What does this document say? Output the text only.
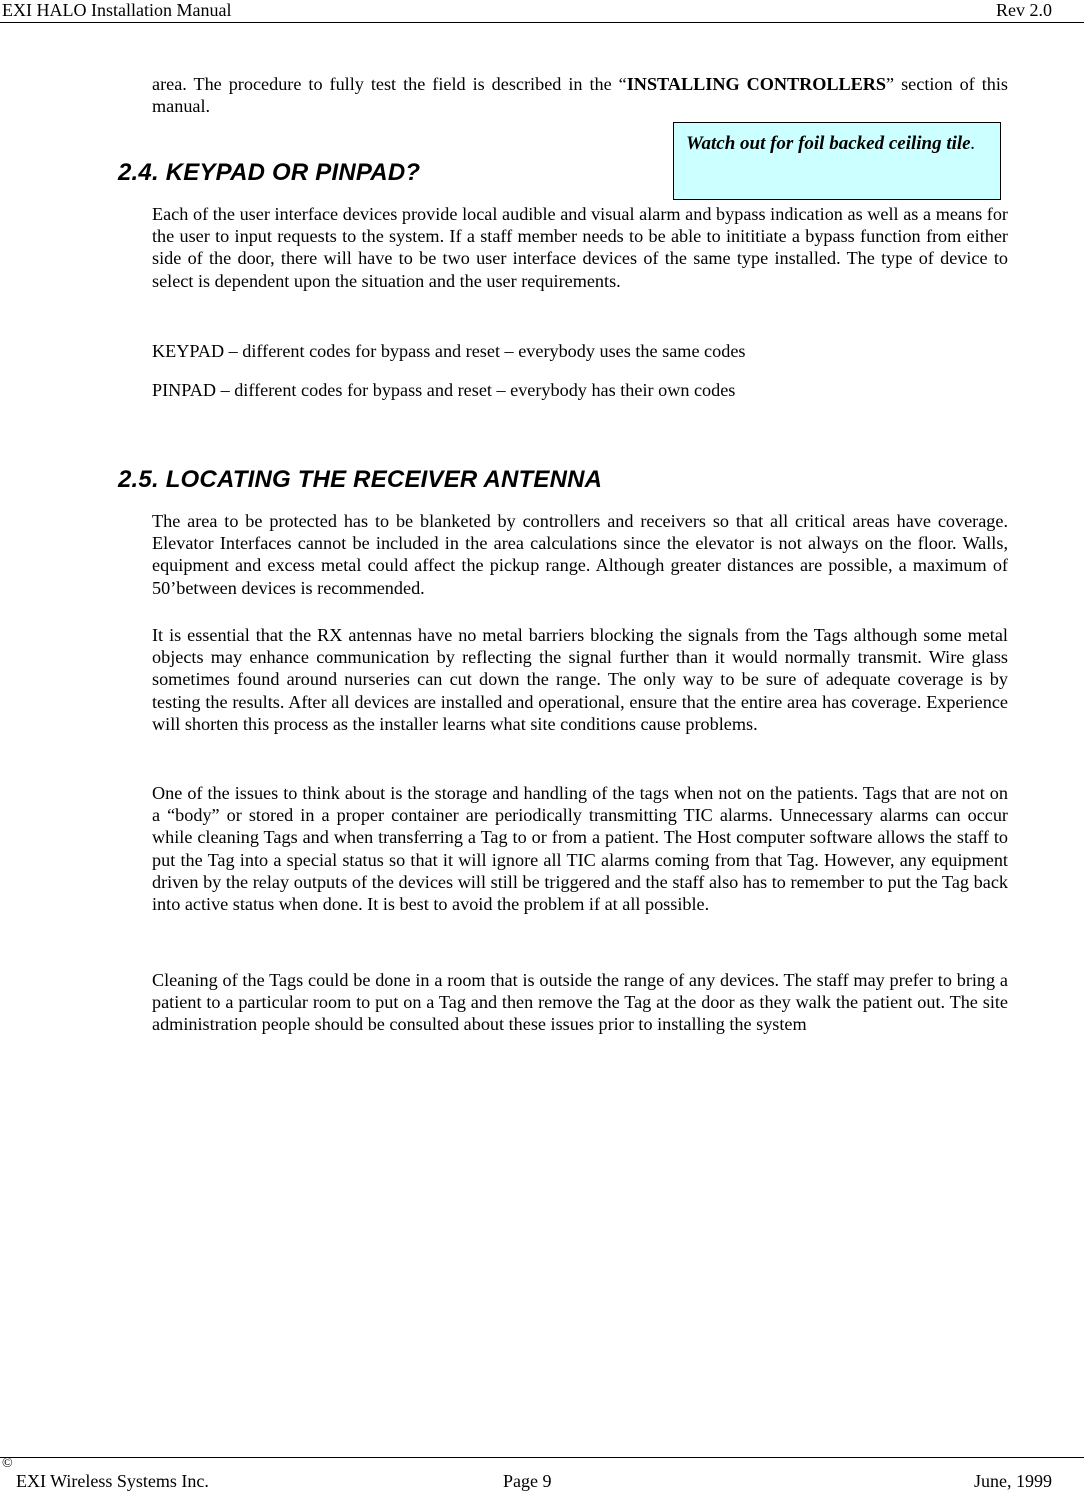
EXI HALO Installation Manual	Rev 2.0

area. The procedure to fully test the field is described in the “INSTALLING CONTROLLERS” section of this manual.

Watch out for foil backed ceiling tile.
2.4. KEYPAD OR PINPAD?

Each of the user interface devices provide local audible and visual alarm and bypass indication as well as a means for the user to input requests to the system. If a staff member needs to be able to inititiate a bypass function from either side of the door, there will have to be two user interface devices of the same type installed. The type of device to select is dependent upon the situation and the user requirements.

KEYPAD – different codes for bypass and reset – everybody uses the same codes

PINPAD – different codes for bypass and reset – everybody has their own codes

2.5. LOCATING THE RECEIVER ANTENNA

The area to be protected has to be blanketed by controllers and receivers so that all critical areas have coverage. Elevator Interfaces cannot be included in the area calculations since the elevator is not always on the floor. Walls, equipment and excess metal could affect the pickup range. Although greater distances are possible, a maximum of 50’between devices is recommended.

It is essential that the RX antennas have no metal barriers blocking the signals from the Tags although some metal objects may enhance communication by reflecting the signal further than it would normally transmit. Wire glass sometimes found around nurseries can cut down the range. The only way to be sure of adequate coverage is by testing the results. After all devices are installed and operational, ensure that the entire area has coverage. Experience will shorten this process as the installer learns what site conditions cause problems.

One of the issues to think about is the storage and handling of the tags when not on the patients. Tags that are not on a “body” or stored in a proper container are periodically transmitting TIC alarms. Unnecessary alarms can occur while cleaning Tags and when transferring a Tag to or from a patient. The Host computer software allows the staff to put the Tag into a special status so that it will ignore all TIC alarms coming from that Tag. However, any equipment driven by the relay outputs of the devices will still be triggered and the staff also has to remember to put the Tag back into active status when done. It is best to avoid the problem if at all possible.

Cleaning of the Tags could be done in a room that is outside the range of any devices. The staff may prefer to bring a patient to a particular room to put on a Tag and then remove the Tag at the door as they walk the patient out. The site administration people should be consulted about these issues prior to installing the system

©
EXI Wireless Systems Inc.	Page 9	June, 1999
